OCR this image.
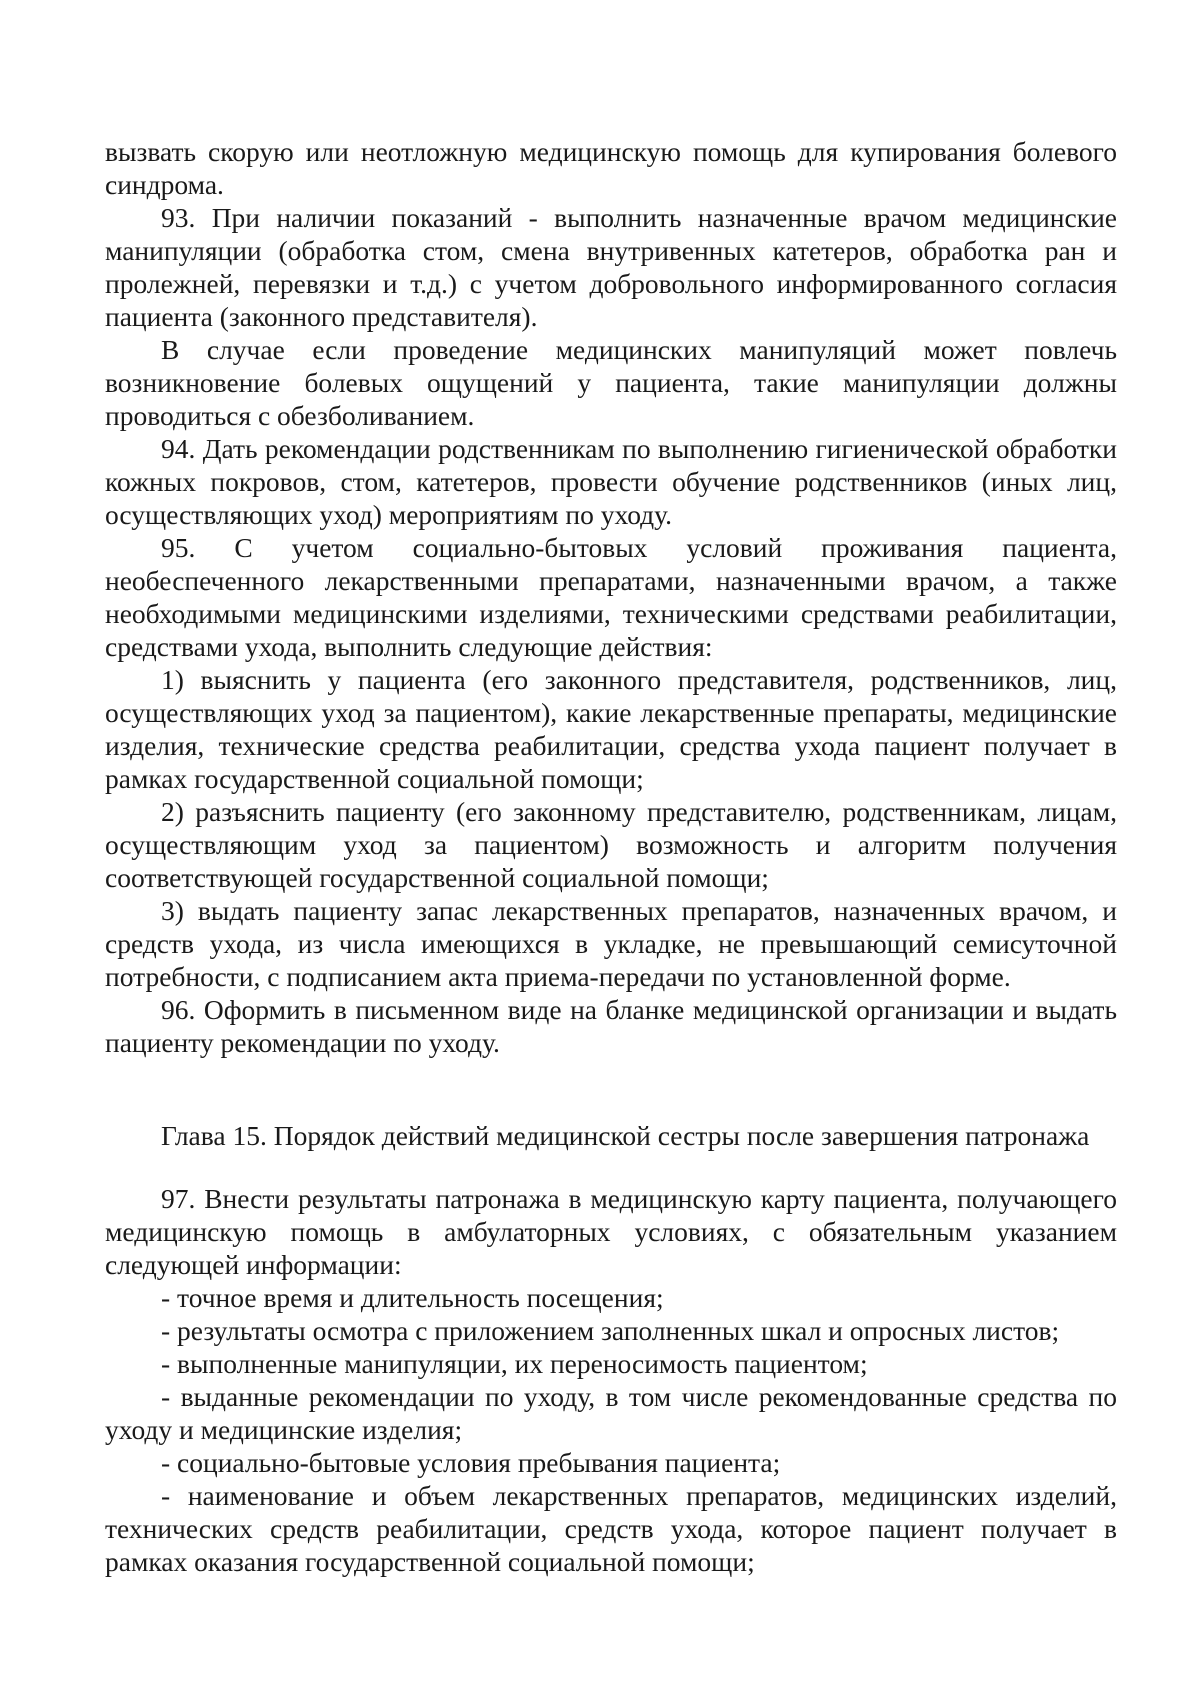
вызвать скорую или неотложную медицинскую помощь для купирования болевого синдрома.

93. При наличии показаний - выполнить назначенные врачом медицинские манипуляции (обработка стом, смена внутривенных катетеров, обработка ран и пролежней, перевязки и т.д.) с учетом добровольного информированного согласия пациента (законного представителя).

В случае если проведение медицинских манипуляций может повлечь возникновение болевых ощущений у пациента, такие манипуляции должны проводиться с обезболиванием.

94. Дать рекомендации родственникам по выполнению гигиенической обработки кожных покровов, стом, катетеров, провести обучение родственников (иных лиц, осуществляющих уход) мероприятиям по уходу.

95. С учетом социально-бытовых условий проживания пациента, необеспеченного лекарственными препаратами, назначенными врачом, а также необходимыми медицинскими изделиями, техническими средствами реабилитации, средствами ухода, выполнить следующие действия:

1) выяснить у пациента (его законного представителя, родственников, лиц, осуществляющих уход за пациентом), какие лекарственные препараты, медицинские изделия, технические средства реабилитации, средства ухода пациент получает в рамках государственной социальной помощи;

2) разъяснить пациенту (его законному представителю, родственникам, лицам, осуществляющим уход за пациентом) возможность и алгоритм получения соответствующей государственной социальной помощи;

3) выдать пациенту запас лекарственных препаратов, назначенных врачом, и средств ухода, из числа имеющихся в укладке, не превышающий семисуточной потребности, с подписанием акта приема-передачи по установленной форме.

96. Оформить в письменном виде на бланке медицинской организации и выдать пациенту рекомендации по уходу.

Глава 15. Порядок действий медицинской сестры после завершения патронажа

97. Внести результаты патронажа в медицинскую карту пациента, получающего медицинскую помощь в амбулаторных условиях, с обязательным указанием следующей информации:

- точное время и длительность посещения;

- результаты осмотра с приложением заполненных шкал и опросных листов;

- выполненные манипуляции, их переносимость пациентом;

- выданные рекомендации по уходу, в том числе рекомендованные средства по уходу и медицинские изделия;

- социально-бытовые условия пребывания пациента;

- наименование и объем лекарственных препаратов, медицинских изделий, технических средств реабилитации, средств ухода, которое пациент получает в рамках оказания государственной социальной помощи;
